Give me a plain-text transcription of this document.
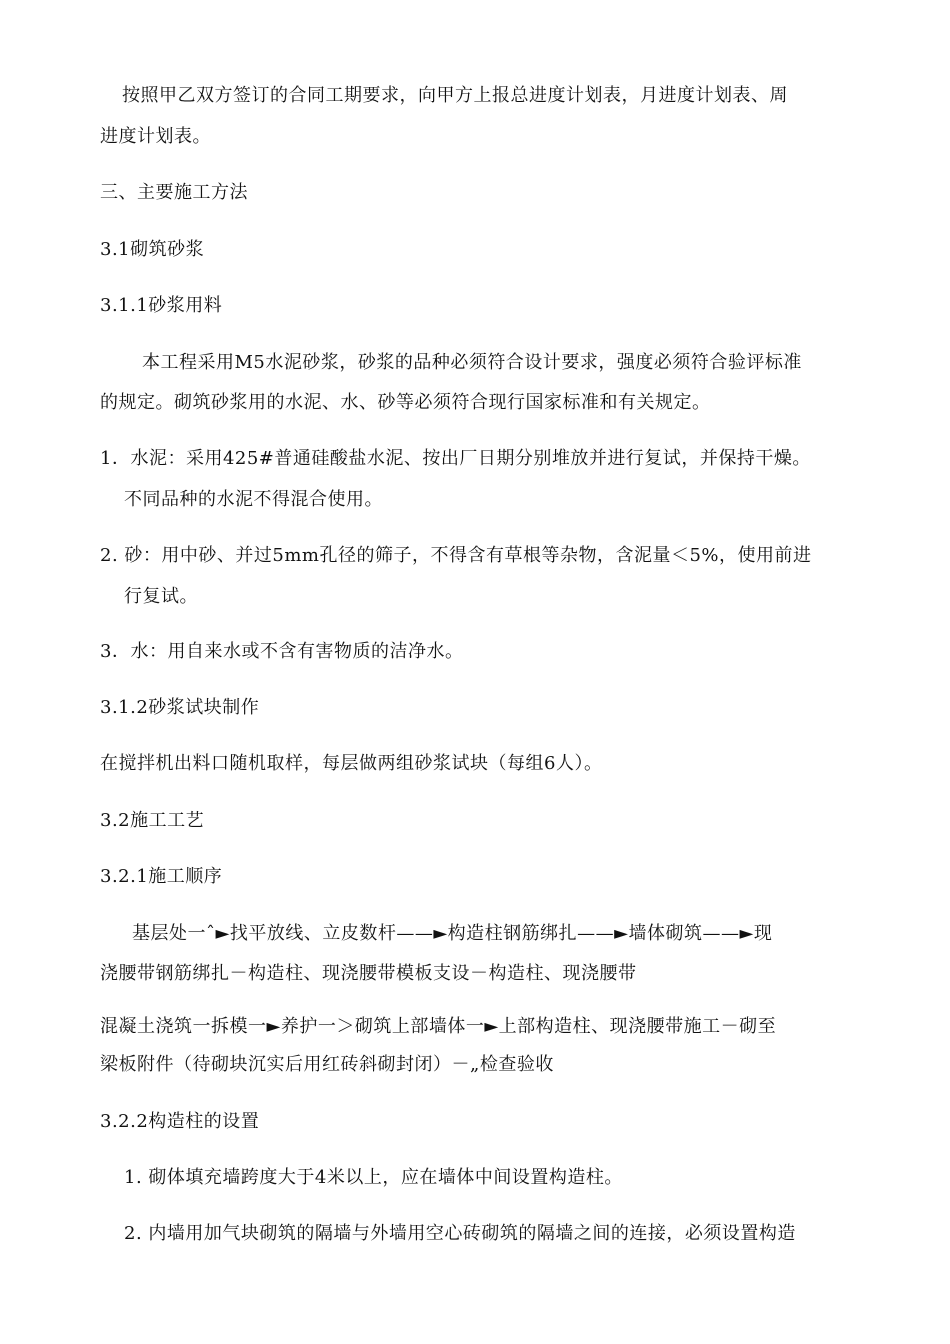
按照甲乙双方签订的合同工期要求，向甲方上报总进度计划表，月进度计划表、周
进度计划表。
三、主要施工方法
3.1砌筑砂浆
3.1.1砂浆用料
本工程采用M5水泥砂浆，砂浆的品种必须符合设计要求，强度必须符合验评标准
的规定。砌筑砂浆用的水泥、水、砂等必须符合现行国家标准和有关规定。
1．水泥：采用425#普通硅酸盐水泥、按出厂日期分别堆放并进行复试，并保持干燥。
不同品种的水泥不得混合使用。
2. 砂：用中砂、并过5mm孔径的筛子，不得含有草根等杂物，含泥量＜5%，使用前进
行复试。
3．水：用自来水或不含有害物质的洁净水。
3.1.2砂浆试块制作
在搅拌机出料口随机取样，每层做两组砂浆试块（每组6人）。
3.2施工工艺
3.2.1施工顺序
基层处一ˆ►找平放线、立皮数杆——►构造柱钢筋绑扎——►墙体砌筑——►现
浇腰带钢筋绑扎－构造柱、现浇腰带模板支设－构造柱、现浇腰带
混凝土浇筑一拆模一►养护一＞砌筑上部墙体一►上部构造柱、现浇腰带施工－砌至
梁板附件（待砌块沉实后用红砖斜砌封闭）－„检查验收
3.2.2构造柱的设置
1. 砌体填充墙跨度大于4米以上，应在墙体中间设置构造柱。
2. 内墙用加气块砌筑的隔墙与外墙用空心砖砌筑的隔墙之间的连接，必须设置构造
